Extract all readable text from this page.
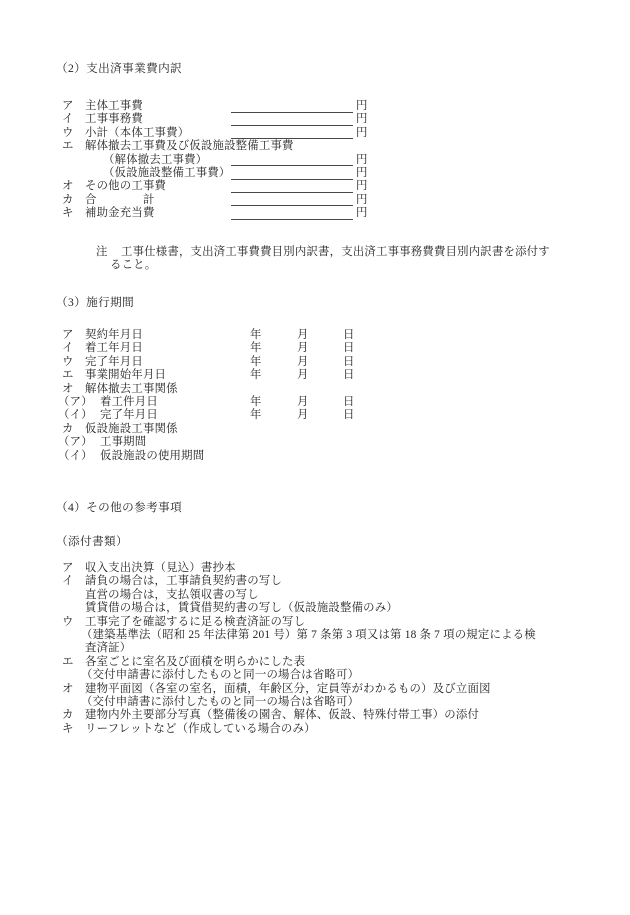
（2）支出済事業費内訳
ア 主体工事費	円
イ 工事事務費	円
ウ 小計（本体工事費）	円
エ 解体撤去工事費及び仮設施設整備工事費
（解体撤去工事費）	円
（仮設施設整備工事費）	円
オ その他の工事費	円
カ 合　　　　計	円
キ 補助金充当費	円
注 工事仕様書，支出済工事費費目別内訳書，支出済工事事務費費目別内訳書を添付す
ること。
（3）施行期間
ア 契約年月日	年	月	日
イ 着工年月日	年	月	日
ウ 完了年月日	年	月	日
エ 事業開始年月日	年	月	日
オ 解体撤去工事関係
（ア） 着工件月日	年	月	日
（イ） 完了年月日	年	月	日
カ 仮設施設工事関係
（ア） 工事期間
（イ） 仮設施設の使用期間
（4）その他の参考事項
（添付書類）
ア 収入支出決算（見込）書抄本
イ 請負の場合は，工事請負契約書の写し
直営の場合は，支払領収書の写し
賃貸借の場合は，賃貸借契約書の写し（仮設施設整備のみ）
ウ 工事完了を確認するに足る検査済証の写し
（建築基準法（昭和 25 年法律第 201 号）第 7 条第 3 項又は第 18 条 7 項の規定による検
査済証）
エ 各室ごとに室名及び面積を明らかにした表
（交付申請書に添付したものと同一の場合は省略可）
オ 建物平面図（各室の室名，面積，年齢区分，定員等がわかるもの）及び立面図
（交付申請書に添付したものと同一の場合は省略可）
カ 建物内外主要部分写真（整備後の園舎、解体、仮設、特殊付帯工事）の添付
キ リーフレットなど（作成している場合のみ）
